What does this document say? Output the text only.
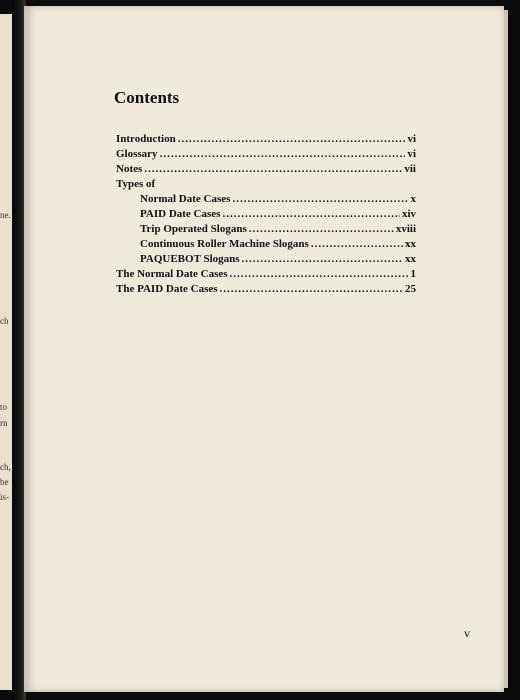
ne.
ch
to
rn
ch,
be
is-
Contents
Introduction .....	vi
Glossary .....	vi
Notes .....	vii
Types of
Normal Date Cases .....	x
PAID Date Cases .....	xiv
Trip Operated Slogans .....	xviii
Continuous Roller Machine Slogans .....	xx
PAQUEBOT Slogans .....	xx
The Normal Date Cases .....	1
The PAID Date Cases .....	25
v
